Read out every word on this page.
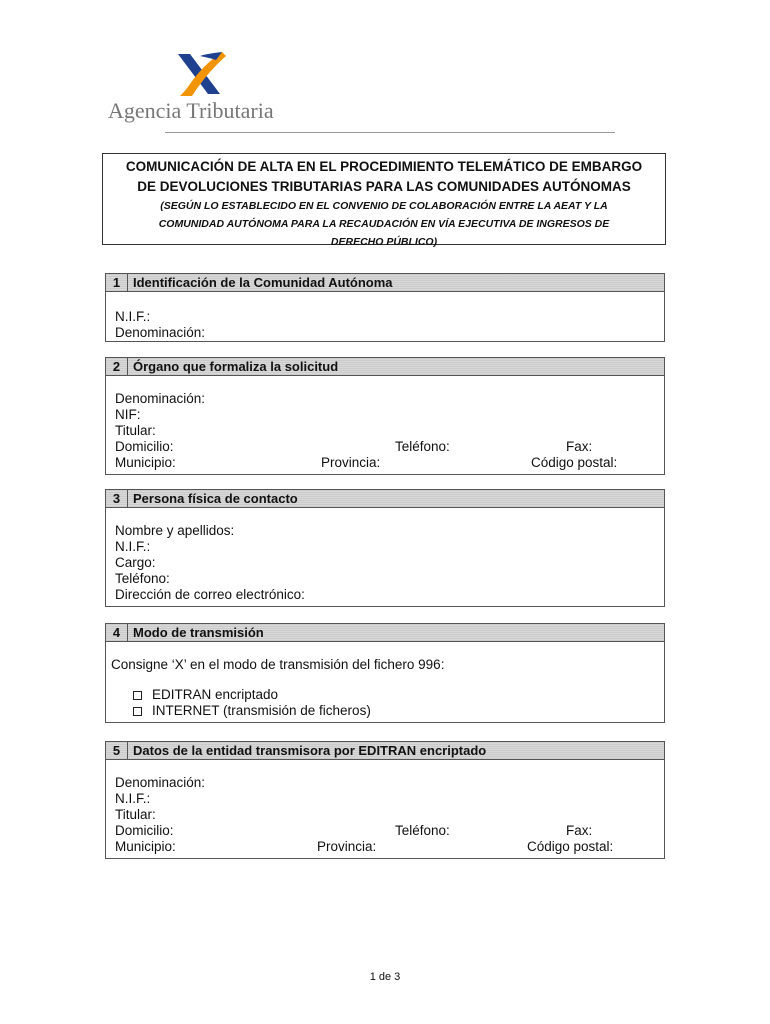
Agencia Tributaria
COMUNICACIÓN DE ALTA EN EL PROCEDIMIENTO TELEMÁTICO DE EMBARGO
DE DEVOLUCIONES TRIBUTARIAS PARA LAS COMUNIDADES AUTÓNOMAS
(SEGÚN LO ESTABLECIDO EN EL CONVENIO DE COLABORACIÓN ENTRE LA AEAT Y LA
COMUNIDAD AUTÓNOMA PARA LA RECAUDACIÓN EN VÍA EJECUTIVA DE INGRESOS DE
DERECHO PÚBLICO)
1 Identificación de la Comunidad Autónoma
N.I.F.:
Denominación:
2 Órgano que formaliza la solicitud
Denominación:
NIF:
Titular:
Domicilio:	Teléfono:	Fax:
Municipio:	Provincia:	Código postal:
3 Persona física de contacto
Nombre y apellidos:
N.I.F.:
Cargo:
Teléfono:
Dirección de correo electrónico:
4 Modo de transmisión
Consigne ‘X’ en el modo de transmisión del fichero 996:
EDITRAN encriptado
INTERNET (transmisión de ficheros)
5 Datos de la entidad transmisora por EDITRAN encriptado
Denominación:
N.I.F.:
Titular:
Domicilio:	Teléfono:	Fax:
Municipio:	Provincia:	Código postal:
1 de 3
